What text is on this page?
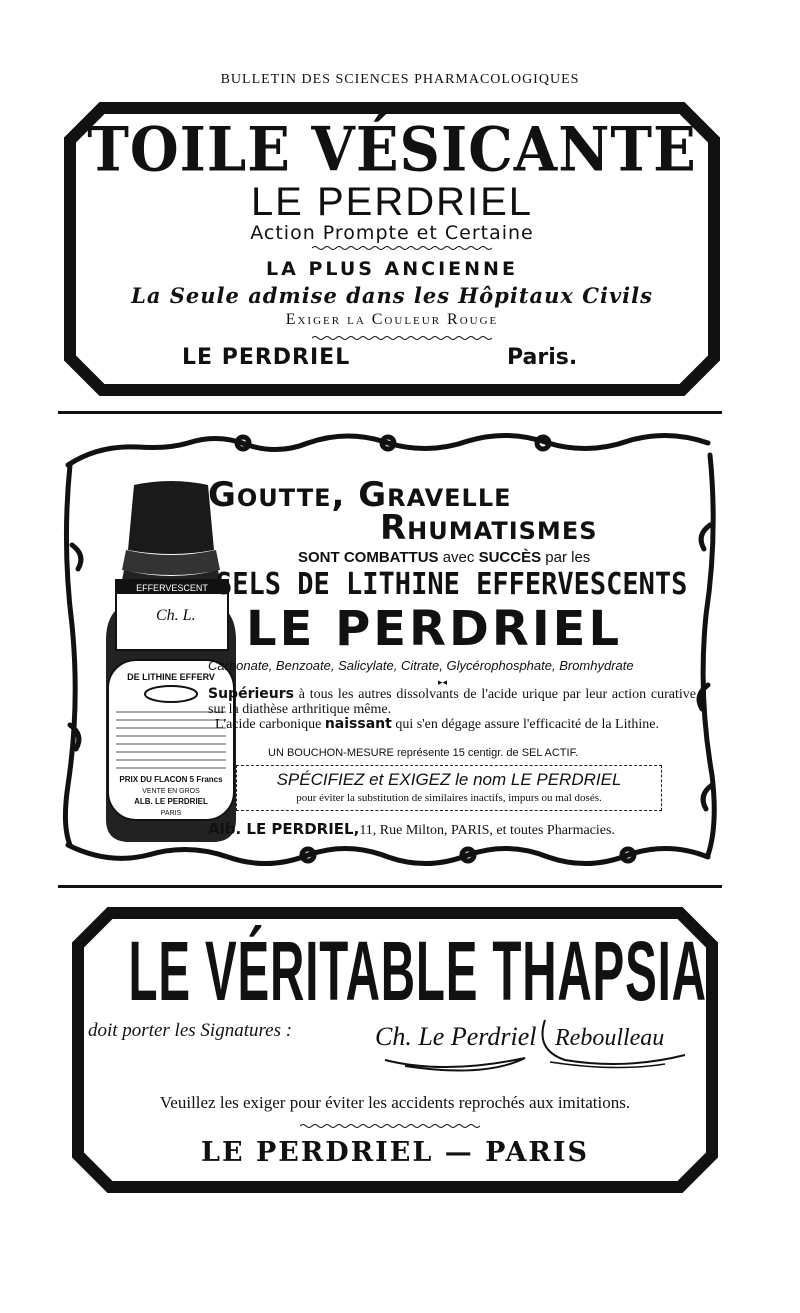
BULLETIN DES SCIENCES PHARMACOLOGIQUES
TOILE VÉSICANTE
LE PERDRIEL
Action Prompte et Certaine
LA PLUS ANCIENNE
La Seule admise dans les Hôpitaux Civils
Exiger la Couleur Rouge
LE PERDRIEL	Paris.
EFFERVESCENT
Ch. L.
DE LITHINE EFFERV
PRIX DU FLACON 5 Francs
VENTE EN GROS
ALB. LE PERDRIEL
PARIS
Goutte, Gravelle
Rhumatismes
SONT COMBATTUS avec SUCCÈS par les
SELS DE LITHINE EFFERVESCENTS
LE PERDRIEL
Carbonate, Benzoate, Salicylate, Citrate, Glycérophosphate, Bromhydrate
▸◂
Supérieurs à tous les autres dissolvants de l'acide urique par leur action curative sur la diathèse arthritique même.
L'acide carbonique naissant qui s'en dégage assure l'efficacité de la Lithine.
UN BOUCHON-MESURE représente 15 centigr. de SEL ACTIF.
SPÉCIFIEZ et EXIGEZ le nom LE PERDRIEL
pour éviter la substitution de similaires inactifs, impurs ou mal dosés.
Alb. LE PERDRIEL,11, Rue Milton, PARIS, et toutes Pharmacies.
LE VÉRITABLE THAPSIA
doit porter les Signatures :	Ch. Le Perdriel Reboulleau
Veuillez les exiger pour éviter les accidents reprochés aux imitations.
LE PERDRIEL — PARIS
